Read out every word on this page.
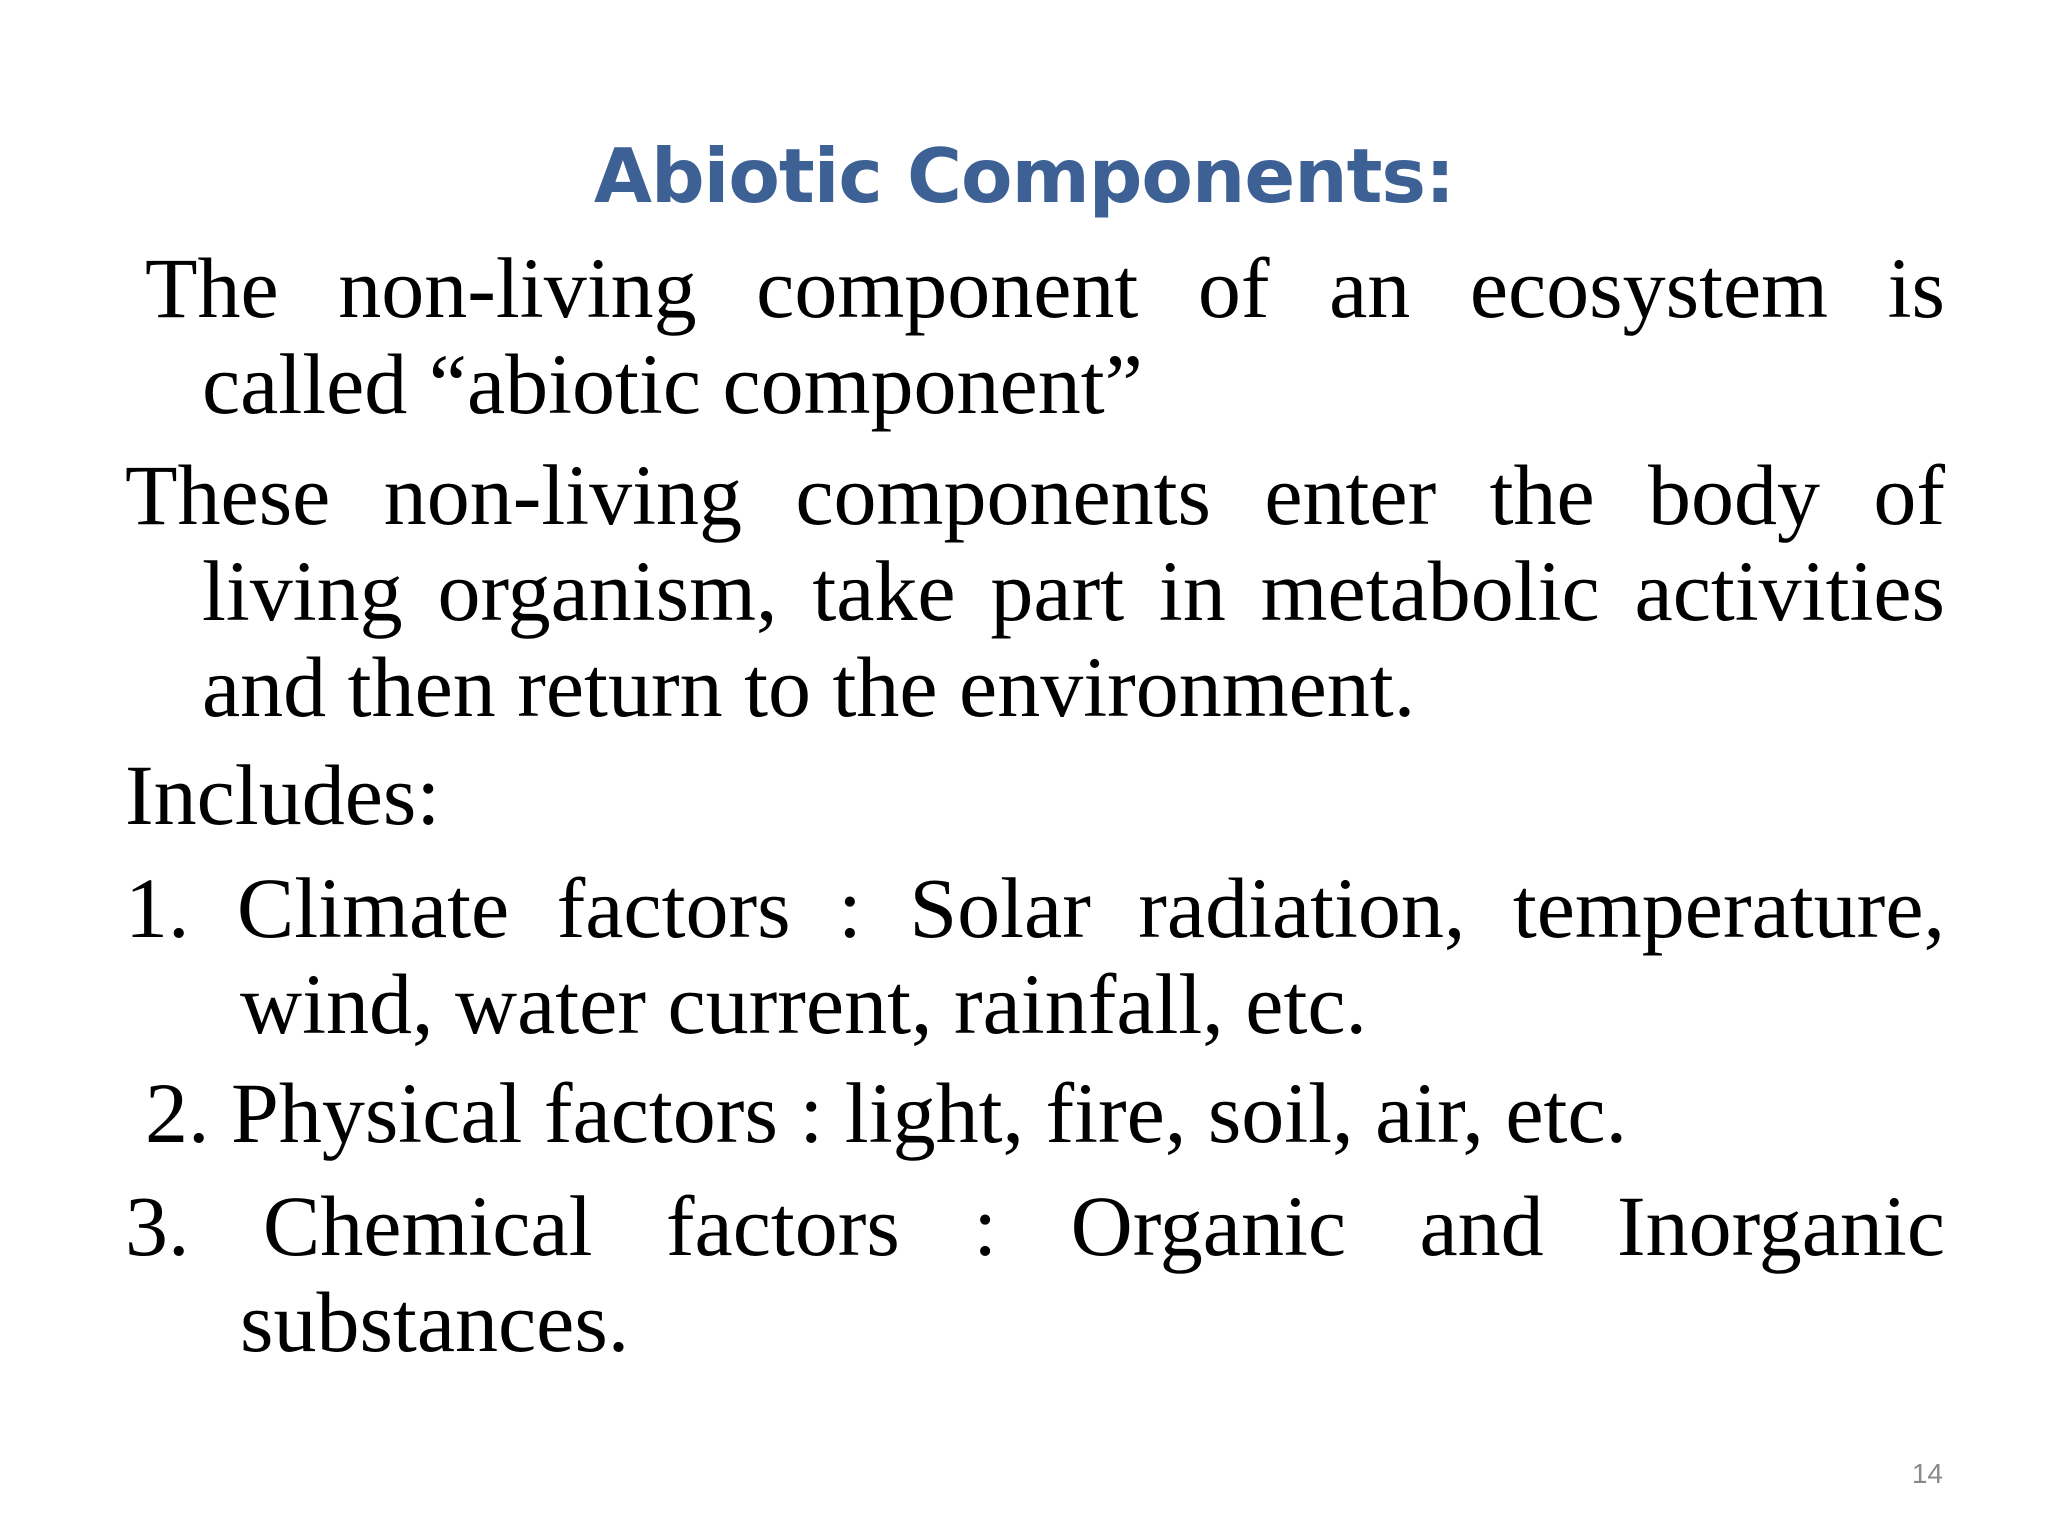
Abiotic Components:
The non-living component of an ecosystem is
called “abiotic component”
These non-living components enter the body of
living organism, take part in metabolic activities
and then return to the environment.
Includes:
1. Climate factors : Solar radiation, temperature,
wind, water current, rainfall, etc.
2. Physical factors : light, fire, soil, air, etc.
3. Chemical factors : Organic and Inorganic
substances.
14
